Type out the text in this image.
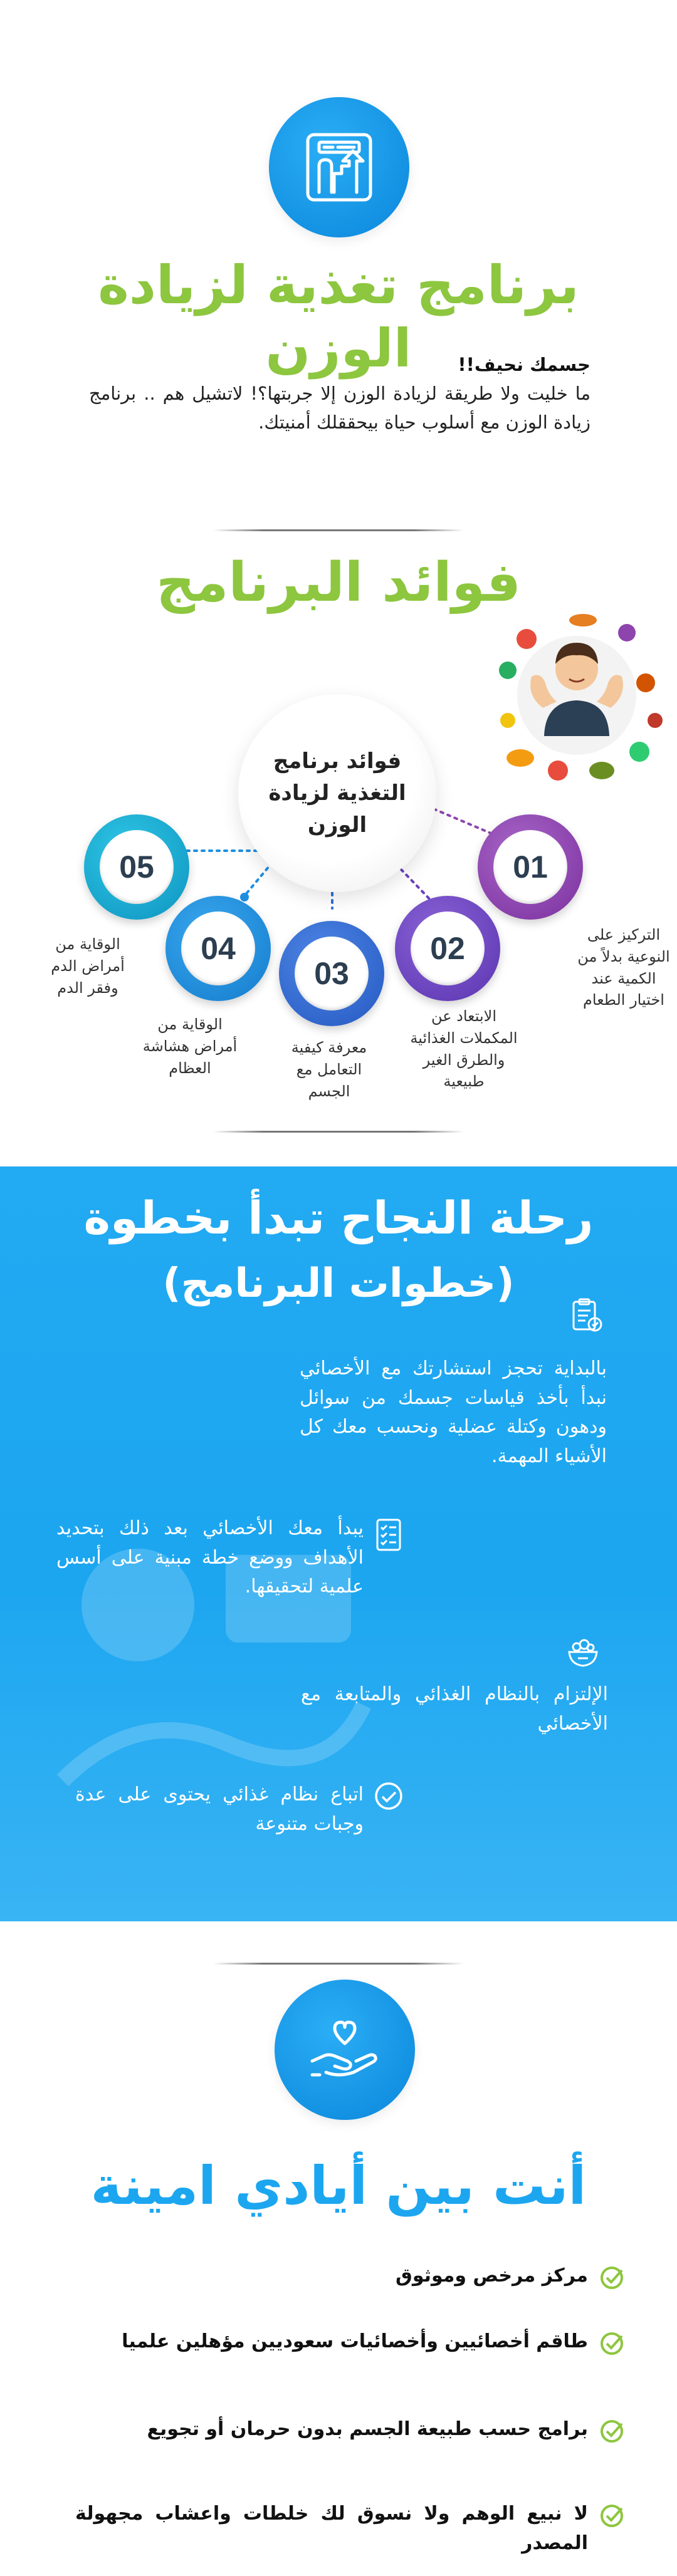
برنامج تغذية لزيادة الوزن	جسمك نحيف!!
ما خليت ولا طريقة لزيادة الوزن إلا جربتها؟! لاتشيل هم .. برنامج زيادة الوزن مع أسلوب حياة بيحققلك أمنيتك.
فوائد البرنامج
فوائد برنامج التغذية لزيادة الوزن
01
التركيز على النوعية بدلاً من الكمية عند اختيار الطعام
02
الابتعاد عن المكملات الغذائية والطرق الغير طبيعية
03
معرفة كيفية التعامل مع الجسم
04
الوقاية من أمراض هشاشة العظام
05
الوقاية من أمراض الدم وفقر الدم
رحلة النجاح تبدأ بخطوة
(خطوات البرنامج)
بالبداية تحجز استشارتك مع الأخصائي نبدأ بأخذ قياسات جسمك من سوائل ودهون وكتلة عضلية ونحسب معك كل الأشياء المهمة.
يبدأ معك الأخصائي بعد ذلك بتحديد الأهداف ووضع خطة مبنية على أسس علمية لتحقيقها.
الإلتزام بالنظام الغذائي والمتابعة مع الأخصائي
اتباع نظام غذائي يحتوى على عدة وجبات متنوعة
أنت بين أيادي امينة
مركز مرخص وموثوق
طاقم أخصائيين وأخصائيات سعوديين مؤهلين علميا
برامج حسب طبيعة الجسم بدون حرمان أو تجويع
لا نبيع الوهم ولا نسوق لك خلطات واعشاب مجهولة المصدر
